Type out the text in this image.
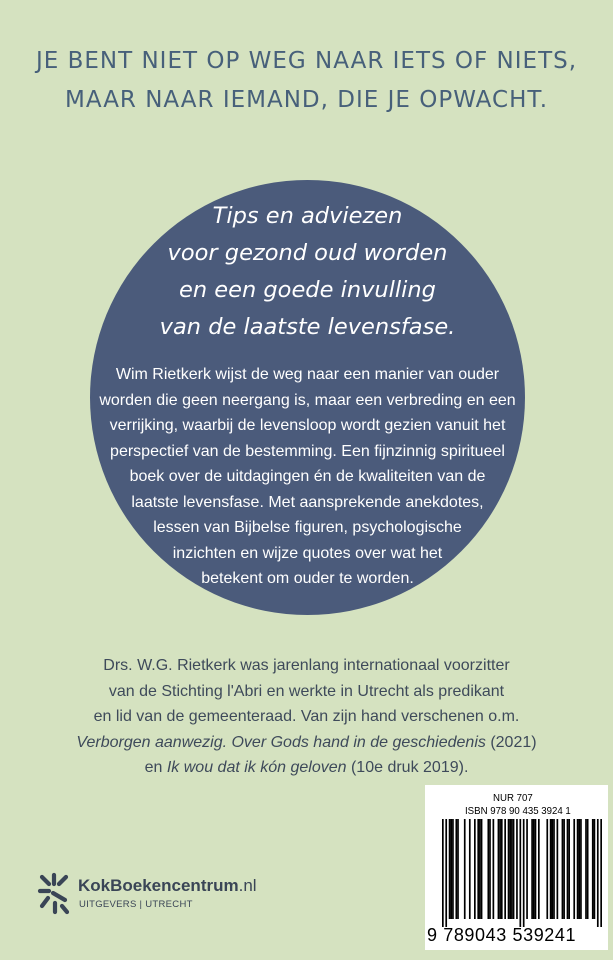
JE BENT NIET OP WEG NAAR IETS OF NIETS,
MAAR NAAR IEMAND, DIE JE OPWACHT.
Tips en adviezen
voor gezond oud worden
en een goede invulling
van de laatste levensfase.
Wim Rietkerk wijst de weg naar een manier van ouder
worden die geen neergang is, maar een verbreding en een
verrijking, waarbij de levensloop wordt gezien vanuit het
perspectief van de bestemming. Een fijnzinnig spiritueel
boek over de uitdagingen én de kwaliteiten van de
laatste levensfase. Met aansprekende anekdotes,
lessen van Bijbelse figuren, psychologische
inzichten en wijze quotes over wat het
betekent om ouder te worden.
Drs. W.G. Rietkerk was jarenlang internationaal voorzitter
van de Stichting l'Abri en werkte in Utrecht als predikant
en lid van de gemeenteraad. Van zijn hand verschenen o.m.
Verborgen aanwezig. Over Gods hand in de geschiedenis (2021)
en Ik wou dat ik kón geloven (10e druk 2019).
KokBoekencentrum.nl
UITGEVERS | UTRECHT
NUR 707
ISBN 978 90 435 3924 1
9 789043 539241
